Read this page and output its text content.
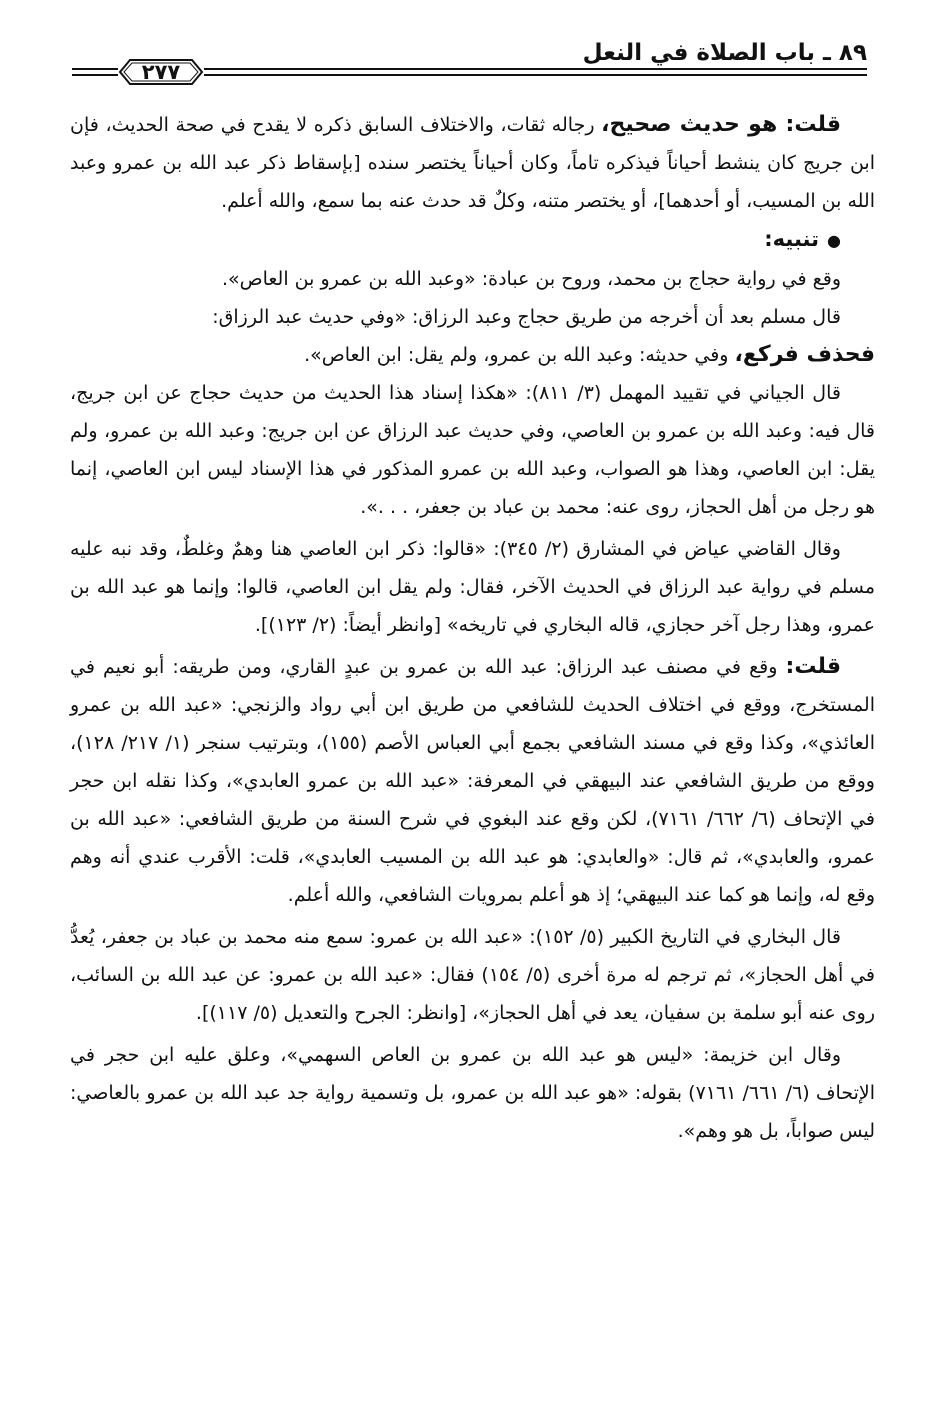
٨٩ ـ باب الصلاة في النعل
٢٧٧

قلت: هو حديث صحيح، رجاله ثقات، والاختلاف السابق ذكره لا يقدح في صحة الحديث، فإن ابن جريج كان ينشط أحياناً فيذكره تاماً، وكان أحياناً يختصر سنده [بإسقاط ذكر عبد الله بن عمرو وعبد الله بن المسيب، أو أحدهما]، أو يختصر متنه، وكلٌ قد حدث عنه بما سمع، والله أعلم.

●تنبيه:

وقع في رواية حجاج بن محمد، وروح بن عبادة: «وعبد الله بن عمرو بن العاص».

قال مسلم بعد أن أخرجه من طريق حجاج وعبد الرزاق: «وفي حديث عبد الرزاق:

فحذف فركع، وفي حديثه: وعبد الله بن عمرو، ولم يقل: ابن العاص».

قال الجياني في تقييد المهمل (٣/ ٨١١): «هكذا إسناد هذا الحديث من حديث حجاج عن ابن جريج، قال فيه: وعبد الله بن عمرو بن العاصي، وفي حديث عبد الرزاق عن ابن جريج: وعبد الله بن عمرو، ولم يقل: ابن العاصي، وهذا هو الصواب، وعبد الله بن عمرو المذكور في هذا الإسناد ليس ابن العاصي، إنما هو رجل من أهل الحجاز، روى عنه: محمد بن عباد بن جعفر، . . .».

وقال القاضي عياض في المشارق (٢/ ٣٤٥): «قالوا: ذكر ابن العاصي هنا وهمٌ وغلطٌ، وقد نبه عليه مسلم في رواية عبد الرزاق في الحديث الآخر، فقال: ولم يقل ابن العاصي، قالوا: وإنما هو عبد الله بن عمرو، وهذا رجل آخر حجازي، قاله البخاري في تاريخه» [وانظر أيضاً: (٢/ ١٢٣)].

قلت: وقع في مصنف عبد الرزاق: عبد الله بن عمرو بن عبدٍ القاري، ومن طريقه: أبو نعيم في المستخرج، ووقع في اختلاف الحديث للشافعي من طريق ابن أبي رواد والزنجي: «عبد الله بن عمرو العائذي»، وكذا وقع في مسند الشافعي بجمع أبي العباس الأصم (١٥٥)، وبترتيب سنجر (١/ ٢١٧/ ١٢٨)، ووقع من طريق الشافعي عند البيهقي في المعرفة: «عبد الله بن عمرو العابدي»، وكذا نقله ابن حجر في الإتحاف (٦/ ٦٦٢/ ٧١٦١)، لكن وقع عند البغوي في شرح السنة من طريق الشافعي: «عبد الله بن عمرو، والعابدي»، ثم قال: «والعابدي: هو عبد الله بن المسيب العابدي»، قلت: الأقرب عندي أنه وهم وقع له، وإنما هو كما عند البيهقي؛ إذ هو أعلم بمرويات الشافعي، والله أعلم.

قال البخاري في التاريخ الكبير (٥/ ١٥٢): «عبد الله بن عمرو: سمع منه محمد بن عباد بن جعفر، يُعدُّ في أهل الحجاز»، ثم ترجم له مرة أخرى (٥/ ١٥٤) فقال: «عبد الله بن عمرو: عن عبد الله بن السائب، روى عنه أبو سلمة بن سفيان، يعد في أهل الحجاز»، [وانظر: الجرح والتعديل (٥/ ١١٧)].

وقال ابن خزيمة: «ليس هو عبد الله بن عمرو بن العاص السهمي»، وعلق عليه ابن حجر في الإتحاف (٦/ ٦٦١/ ٧١٦١) بقوله: «هو عبد الله بن عمرو، بل وتسمية رواية جد عبد الله بن عمرو بالعاصي: ليس صواباً، بل هو وهم».
